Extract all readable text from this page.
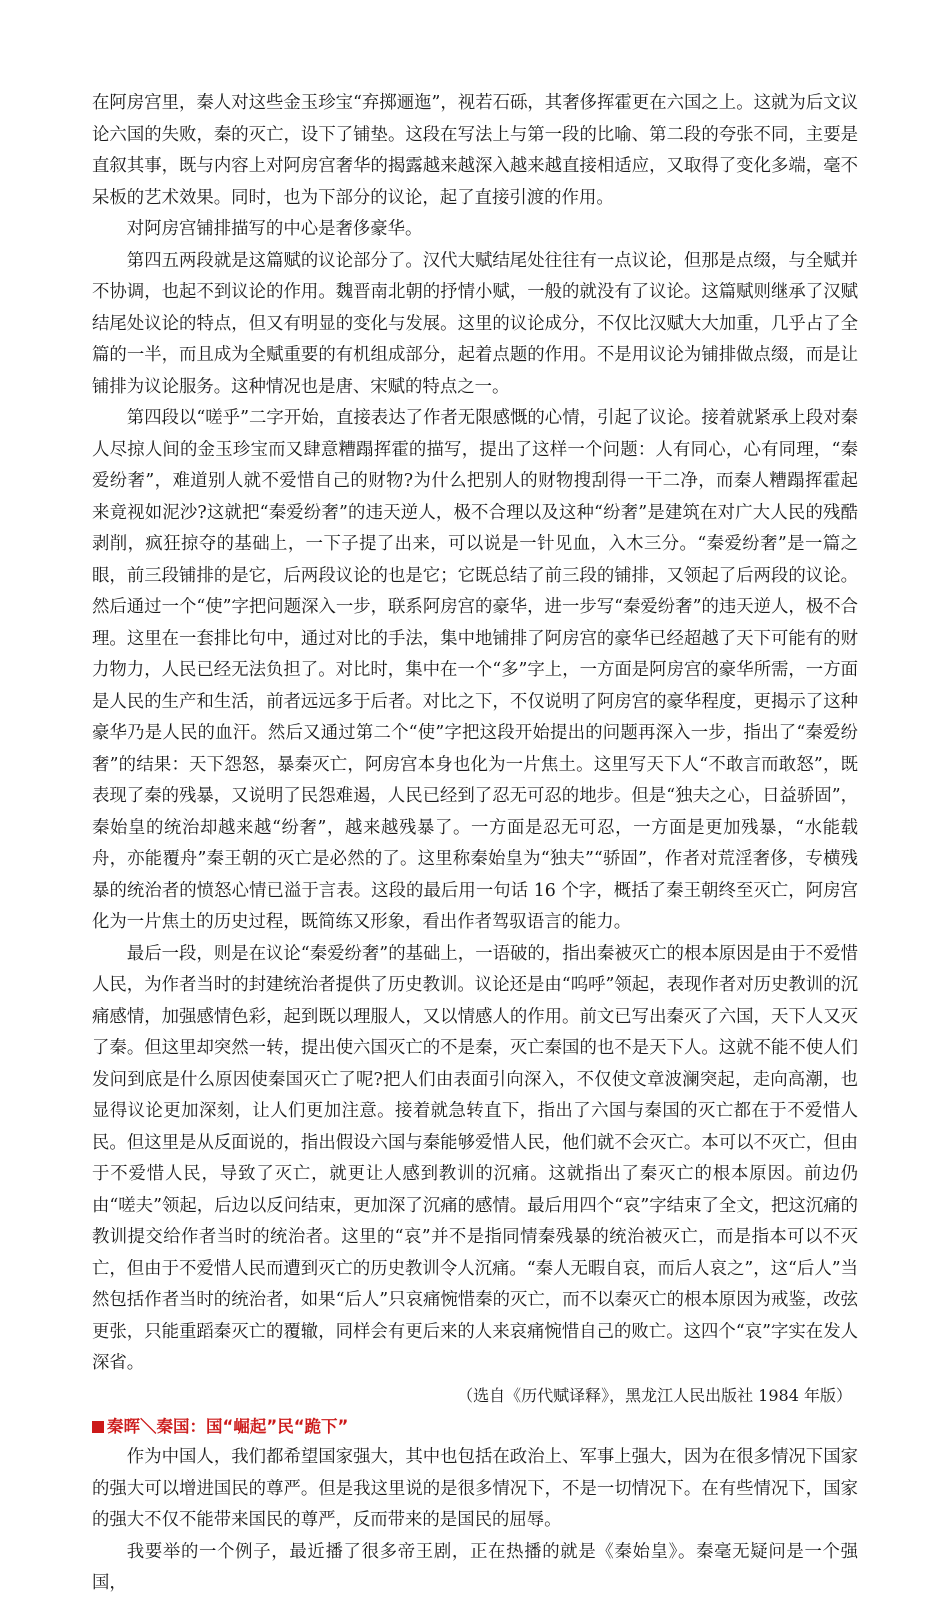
在阿房宫里，秦人对这些金玉珍宝“弃掷逦迤”，视若石砾，其奢侈挥霍更在六国之上。这就为后文议论六国的失败，秦的灭亡，设下了铺垫。这段在写法上与第一段的比喻、第二段的夸张不同，主要是直叙其事，既与内容上对阿房宫奢华的揭露越来越深入越来越直接相适应，又取得了变化多端，毫不呆板的艺术效果。同时，也为下部分的议论，起了直接引渡的作用。

对阿房宫铺排描写的中心是奢侈豪华。

第四五两段就是这篇赋的议论部分了。汉代大赋结尾处往往有一点议论，但那是点缀，与全赋并不协调，也起不到议论的作用。魏晋南北朝的抒情小赋，一般的就没有了议论。这篇赋则继承了汉赋结尾处议论的特点，但又有明显的变化与发展。这里的议论成分，不仅比汉赋大大加重，几乎占了全篇的一半，而且成为全赋重要的有机组成部分，起着点题的作用。不是用议论为铺排做点缀，而是让铺排为议论服务。这种情况也是唐、宋赋的特点之一。

第四段以“嗟乎”二字开始，直接表达了作者无限感慨的心情，引起了议论。接着就紧承上段对秦人尽掠人间的金玉珍宝而又肆意糟蹋挥霍的描写，提出了这样一个问题：人有同心，心有同理，“秦爱纷奢”，难道别人就不爱惜自己的财物?为什么把别人的财物搜刮得一干二净，而秦人糟蹋挥霍起来竟视如泥沙?这就把“秦爱纷奢”的违天逆人，极不合理以及这种“纷奢”是建筑在对广大人民的残酷剥削，疯狂掠夺的基础上，一下子提了出来，可以说是一针见血，入木三分。“秦爱纷奢”是一篇之眼，前三段铺排的是它，后两段议论的也是它；它既总结了前三段的铺排，又领起了后两段的议论。然后通过一个“使”字把问题深入一步，联系阿房宫的豪华，进一步写“秦爱纷奢”的违天逆人，极不合理。这里在一套排比句中，通过对比的手法，集中地铺排了阿房宫的豪华已经超越了天下可能有的财力物力，人民已经无法负担了。对比时，集中在一个“多”字上，一方面是阿房宫的豪华所需，一方面是人民的生产和生活，前者远远多于后者。对比之下，不仅说明了阿房宫的豪华程度，更揭示了这种豪华乃是人民的血汗。然后又通过第二个“使”字把这段开始提出的问题再深入一步，指出了“秦爱纷奢”的结果：天下怨怒，暴秦灭亡，阿房宫本身也化为一片焦土。这里写天下人“不敢言而敢怒”，既表现了秦的残暴，又说明了民怨难遏，人民已经到了忍无可忍的地步。但是“独夫之心，日益骄固”，秦始皇的统治却越来越“纷奢”，越来越残暴了。一方面是忍无可忍，一方面是更加残暴，“水能载舟，亦能覆舟”秦王朝的灭亡是必然的了。这里称秦始皇为“独夫”“骄固”，作者对荒淫奢侈，专横残暴的统治者的愤怒心情已溢于言表。这段的最后用一句话 16 个字，概括了秦王朝终至灭亡，阿房宫化为一片焦土的历史过程，既简练又形象，看出作者驾驭语言的能力。

最后一段，则是在议论“秦爱纷奢”的基础上，一语破的，指出秦被灭亡的根本原因是由于不爱惜人民，为作者当时的封建统治者提供了历史教训。议论还是由“呜呼”领起，表现作者对历史教训的沉痛感情，加强感情色彩，起到既以理服人，又以情感人的作用。前文已写出秦灭了六国，天下人又灭了秦。但这里却突然一转，提出使六国灭亡的不是秦，灭亡秦国的也不是天下人。这就不能不使人们发问到底是什么原因使秦国灭亡了呢?把人们由表面引向深入，不仅使文章波澜突起，走向高潮，也显得议论更加深刻，让人们更加注意。接着就急转直下，指出了六国与秦国的灭亡都在于不爱惜人民。但这里是从反面说的，指出假设六国与秦能够爱惜人民，他们就不会灭亡。本可以不灭亡，但由于不爱惜人民，导致了灭亡，就更让人感到教训的沉痛。这就指出了秦灭亡的根本原因。前边仍由“嗟夫”领起，后边以反问结束，更加深了沉痛的感情。最后用四个“哀”字结束了全文，把这沉痛的教训提交给作者当时的统治者。这里的“哀”并不是指同情秦残暴的统治被灭亡，而是指本可以不灭亡，但由于不爱惜人民而遭到灭亡的历史教训令人沉痛。“秦人无暇自哀，而后人哀之”，这“后人”当然包括作者当时的统治者，如果“后人”只哀痛惋惜秦的灭亡，而不以秦灭亡的根本原因为戒鉴，改弦更张，只能重蹈秦灭亡的覆辙，同样会有更后来的人来哀痛惋惜自己的败亡。这四个“哀”字实在发人深省。

（选自《历代赋译释》，黑龙江人民出版社 1984 年版）

秦晖＼秦国：国“崛起”民“跪下”

作为中国人，我们都希望国家强大，其中也包括在政治上、军事上强大，因为在很多情况下国家的强大可以增进国民的尊严。但是我这里说的是很多情况下，不是一切情况下。在有些情况下，国家的强大不仅不能带来国民的尊严，反而带来的是国民的屈辱。

我要举的一个例子，最近播了很多帝王剧，正在热播的就是《秦始皇》。秦毫无疑问是一个强国，
